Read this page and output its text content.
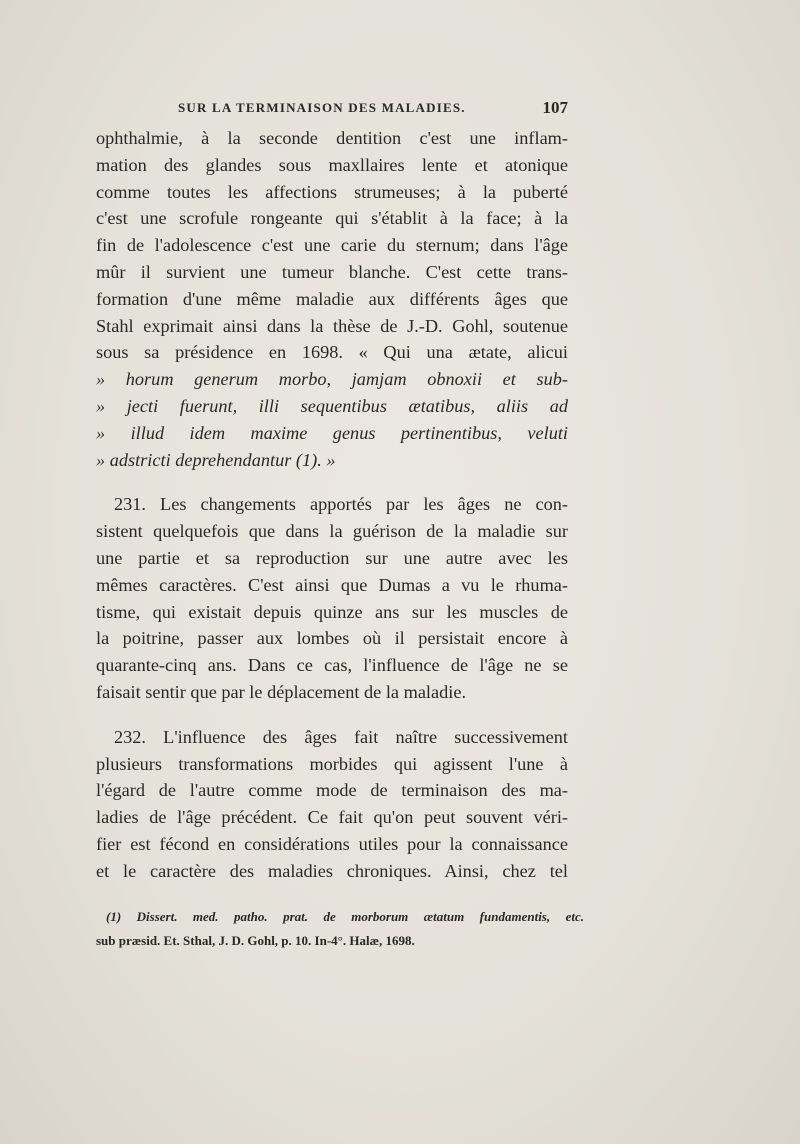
SUR LA TERMINAISON DES MALADIES.	107
ophthalmie, à la seconde dentition c'est une inflam-
mation des glandes sous maxllaires lente et atonique
comme toutes les affections strumeuses; à la puberté
c'est une scrofule rongeante qui s'établit à la face; à la
fin de l'adolescence c'est une carie du sternum; dans l'âge
mûr il survient une tumeur blanche. C'est cette trans-
formation d'une même maladie aux différents âges que
Stahl exprimait ainsi dans la thèse de J.-D. Gohl, soutenue
sous sa présidence en 1698. « Qui una ætate, alicui
» horum generum morbo, jamjam obnoxii et sub-
» jecti fuerunt, illi sequentibus ætatibus, aliis ad
» illud idem maxime genus pertinentibus, veluti
» adstricti deprehendantur (1). »
231. Les changements apportés par les âges ne con-
sistent quelquefois que dans la guérison de la maladie sur
une partie et sa reproduction sur une autre avec les
mêmes caractères. C'est ainsi que Dumas a vu le rhuma-
tisme, qui existait depuis quinze ans sur les muscles de
la poitrine, passer aux lombes où il persistait encore à
quarante-cinq ans. Dans ce cas, l'influence de l'âge ne se
faisait sentir que par le déplacement de la maladie.
232. L'influence des âges fait naître successivement
plusieurs transformations morbides qui agissent l'une à
l'égard de l'autre comme mode de terminaison des ma-
ladies de l'âge précédent. Ce fait qu'on peut souvent véri-
fier est fécond en considérations utiles pour la connaissance
et le caractère des maladies chroniques. Ainsi, chez tel
(1) Dissert. med. patho. prat. de morborum ætatum fundamentis, etc.
sub præsid. Et. Sthal, J. D. Gohl, p. 10. In-4°. Halæ, 1698.
